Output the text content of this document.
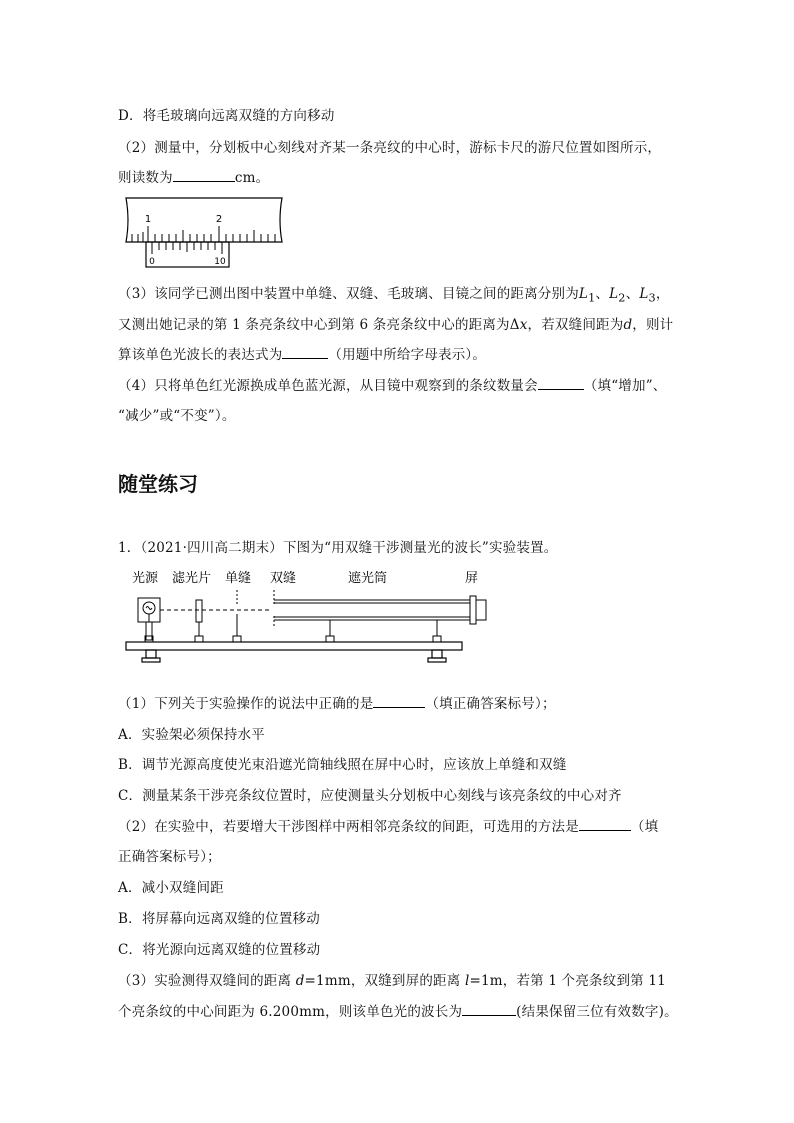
D．将毛玻璃向远离双缝的方向移动
（2）测量中，分划板中心刻线对齐某一条亮纹的中心时，游标卡尺的游尺位置如图所示，
则读数为	cm。
1	2
0	10
（3）该同学已测出图中装置中单缝、双缝、毛玻璃、目镜之间的距离分别为$L_1$、$L_2$、$L_3$，
又测出她记录的第 1 条亮条纹中心到第 6 条亮条纹中心的距离为Δx，若双缝间距为d，则计
算该单色光波长的表达式为	（用题中所给字母表示）。
（4）只将单色红光源换成单色蓝光源，从目镜中观察到的条纹数量会	（填“增加”、
“减少”或“不变”）。
随堂练习
1．（2021·四川高二期末）下图为“用双缝干涉测量光的波长”实验装置。
光源 滤光片 单缝 双缝	遮光筒	屏
（1）下列关于实验操作的说法中正确的是	（填正确答案标号）；
A．实验架必须保持水平
B．调节光源高度使光束沿遮光筒轴线照在屏中心时，应该放上单缝和双缝
C．测量某条干涉亮条纹位置时，应使测量头分划板中心刻线与该亮条纹的中心对齐
（2）在实验中，若要增大干涉图样中两相邻亮条纹的间距，可选用的方法是	（填
正确答案标号）；
A．减小双缝间距
B．将屏幕向远离双缝的位置移动
C．将光源向远离双缝的位置移动
（3）实验测得双缝间的距离 d=1mm，双缝到屏的距离 l=1m，若第 1 个亮条纹到第 11
个亮条纹的中心间距为 6.200mm，则该单色光的波长为	(结果保留三位有效数字)。
